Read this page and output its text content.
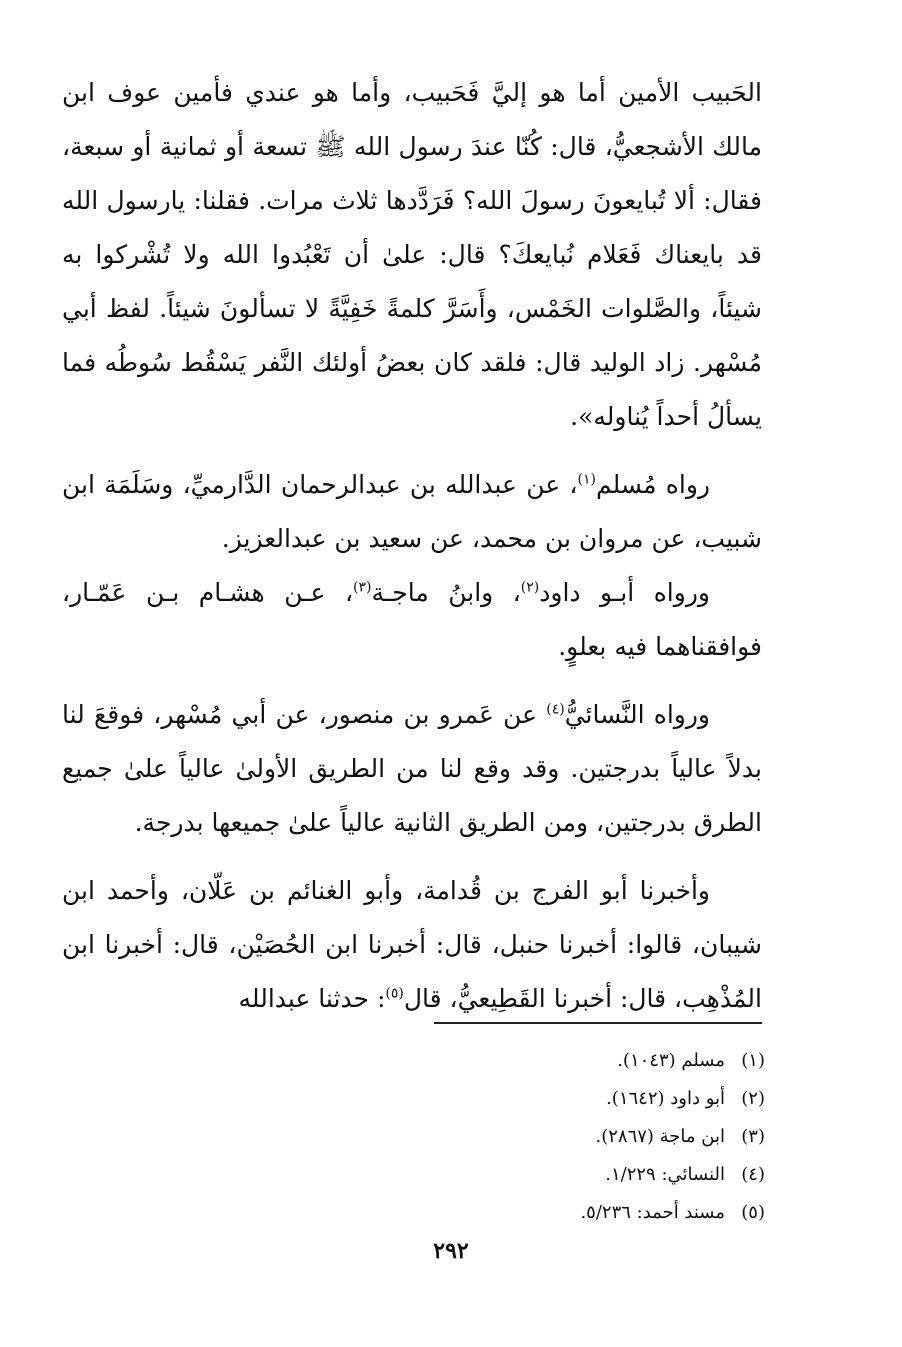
الحَبيب الأمين أما هو إليَّ فَحَبيب، وأما هو عندي فأمين عوف ابن مالك الأشجعيُّ، قال: كُنّا عندَ رسول الله ﷺ تسعة أو ثمانية أو سبعة، فقال: ألا تُبايعونَ رسولَ الله؟ فَرَدَّدها ثلاث مرات. فقلنا: يارسول الله قد بايعناك فَعَلام نُبايعكَ؟ قال: علىٰ أن تَعْبُدوا الله ولا تُشْركوا به شيئاً، والصَّلوات الخَمْس، وأَسَرَّ كلمةً خَفِيَّةً لا تسألونَ شيئاً. لفظ أبي مُسْهر. زاد الوليد قال: فلقد كان بعضُ أولئك النَّفر يَسْقُط سُوطُه فما يسألُ أحداً يُناوله».

رواه مُسلم$^{(١)}$، عن عبدالله بن عبدالرحمان الدَّارميِّ، وسَلَمَة ابن شبيب، عن مروان بن محمد، عن سعيد بن عبدالعزيز.

ورواه أبـو داود$^{(٢)}$، وابنُ ماجـة$^{(٣)}$، عـن هشـام بـن عَمّـار، فوافقناهما فيه بعلوٍ.

ورواه النَّسائيُّ$^{(٤)}$ عن عَمرو بن منصور، عن أبي مُسْهر، فوقعَ لنا بدلاً عالياً بدرجتين. وقد وقع لنا من الطريق الأولىٰ عالياً علىٰ جميع الطرق بدرجتين، ومن الطريق الثانية عالياً علىٰ جميعها بدرجة.

وأخبرنا أبو الفرج بن قُدامة، وأبو الغنائم بن عَلّان، وأحمد ابن شيبان، قالوا: أخبرنا حنبل، قال: أخبرنا ابن الحُصَيْن، قال: أخبرنا ابن المُذْهِب، قال: أخبرنا القَطِيعيُّ، قال$^{(٥)}$: حدثنا عبدالله

(١)مسلم (١٠٤٣).
(٢)أبو داود (١٦٤٢).
(٣)ابن ماجة (٢٨٦٧).
(٤)النسائي: ١/٢٢٩.
(٥)مسند أحمد: ٥/٢٣٦.
٢٩٢
